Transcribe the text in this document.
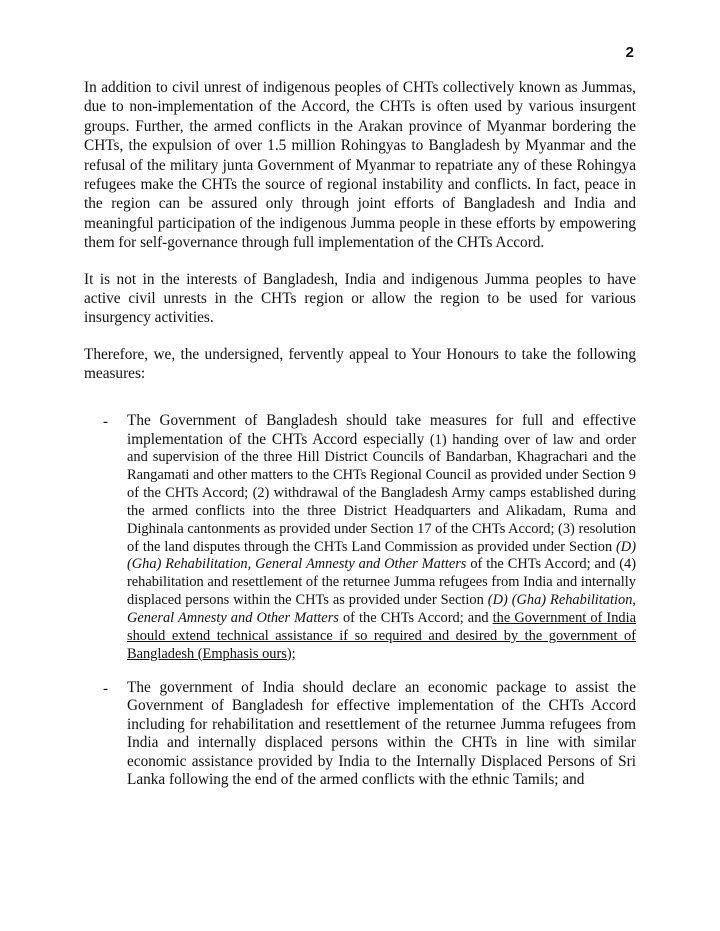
2

In addition to civil unrest of indigenous peoples of CHTs collectively known as Jummas, due to non-implementation of the Accord, the CHTs is often used by various insurgent groups. Further, the armed conflicts in the Arakan province of Myanmar bordering the CHTs, the expulsion of over 1.5 million Rohingyas to Bangladesh by Myanmar and the refusal of the military junta Government of Myanmar to repatriate any of these Rohingya refugees make the CHTs the source of regional instability and conflicts. In fact, peace in the region can be assured only through joint efforts of Bangladesh and India and meaningful participation of the indigenous Jumma people in these efforts by empowering them for self-governance through full implementation of the CHTs Accord.

It is not in the interests of Bangladesh, India and indigenous Jumma peoples to have active civil unrests in the CHTs region or allow the region to be used for various insurgency activities.

Therefore, we, the undersigned, fervently appeal to Your Honours to take the following measures:

- The Government of Bangladesh should take measures for full and effective implementation of the CHTs Accord especially (1) handing over of law and order and supervision of the three Hill District Councils of Bandarban, Khagrachari and the Rangamati and other matters to the CHTs Regional Council as provided under Section 9 of the CHTs Accord; (2) withdrawal of the Bangladesh Army camps established during the armed conflicts into the three District Headquarters and Alikadam, Ruma and Dighinala cantonments as provided under Section 17 of the CHTs Accord; (3) resolution of the land disputes through the CHTs Land Commission as provided under Section (D) (Gha) Rehabilitation, General Amnesty and Other Matters of the CHTs Accord; and (4) rehabilitation and resettlement of the returnee Jumma refugees from India and internally displaced persons within the CHTs as provided under Section (D) (Gha) Rehabilitation, General Amnesty and Other Matters of the CHTs Accord; and the Government of India should extend technical assistance if so required and desired by the government of Bangladesh (Emphasis ours);

- The government of India should declare an economic package to assist the Government of Bangladesh for effective implementation of the CHTs Accord including for rehabilitation and resettlement of the returnee Jumma refugees from India and internally displaced persons within the CHTs in line with similar economic assistance provided by India to the Internally Displaced Persons of Sri Lanka following the end of the armed conflicts with the ethnic Tamils; and
